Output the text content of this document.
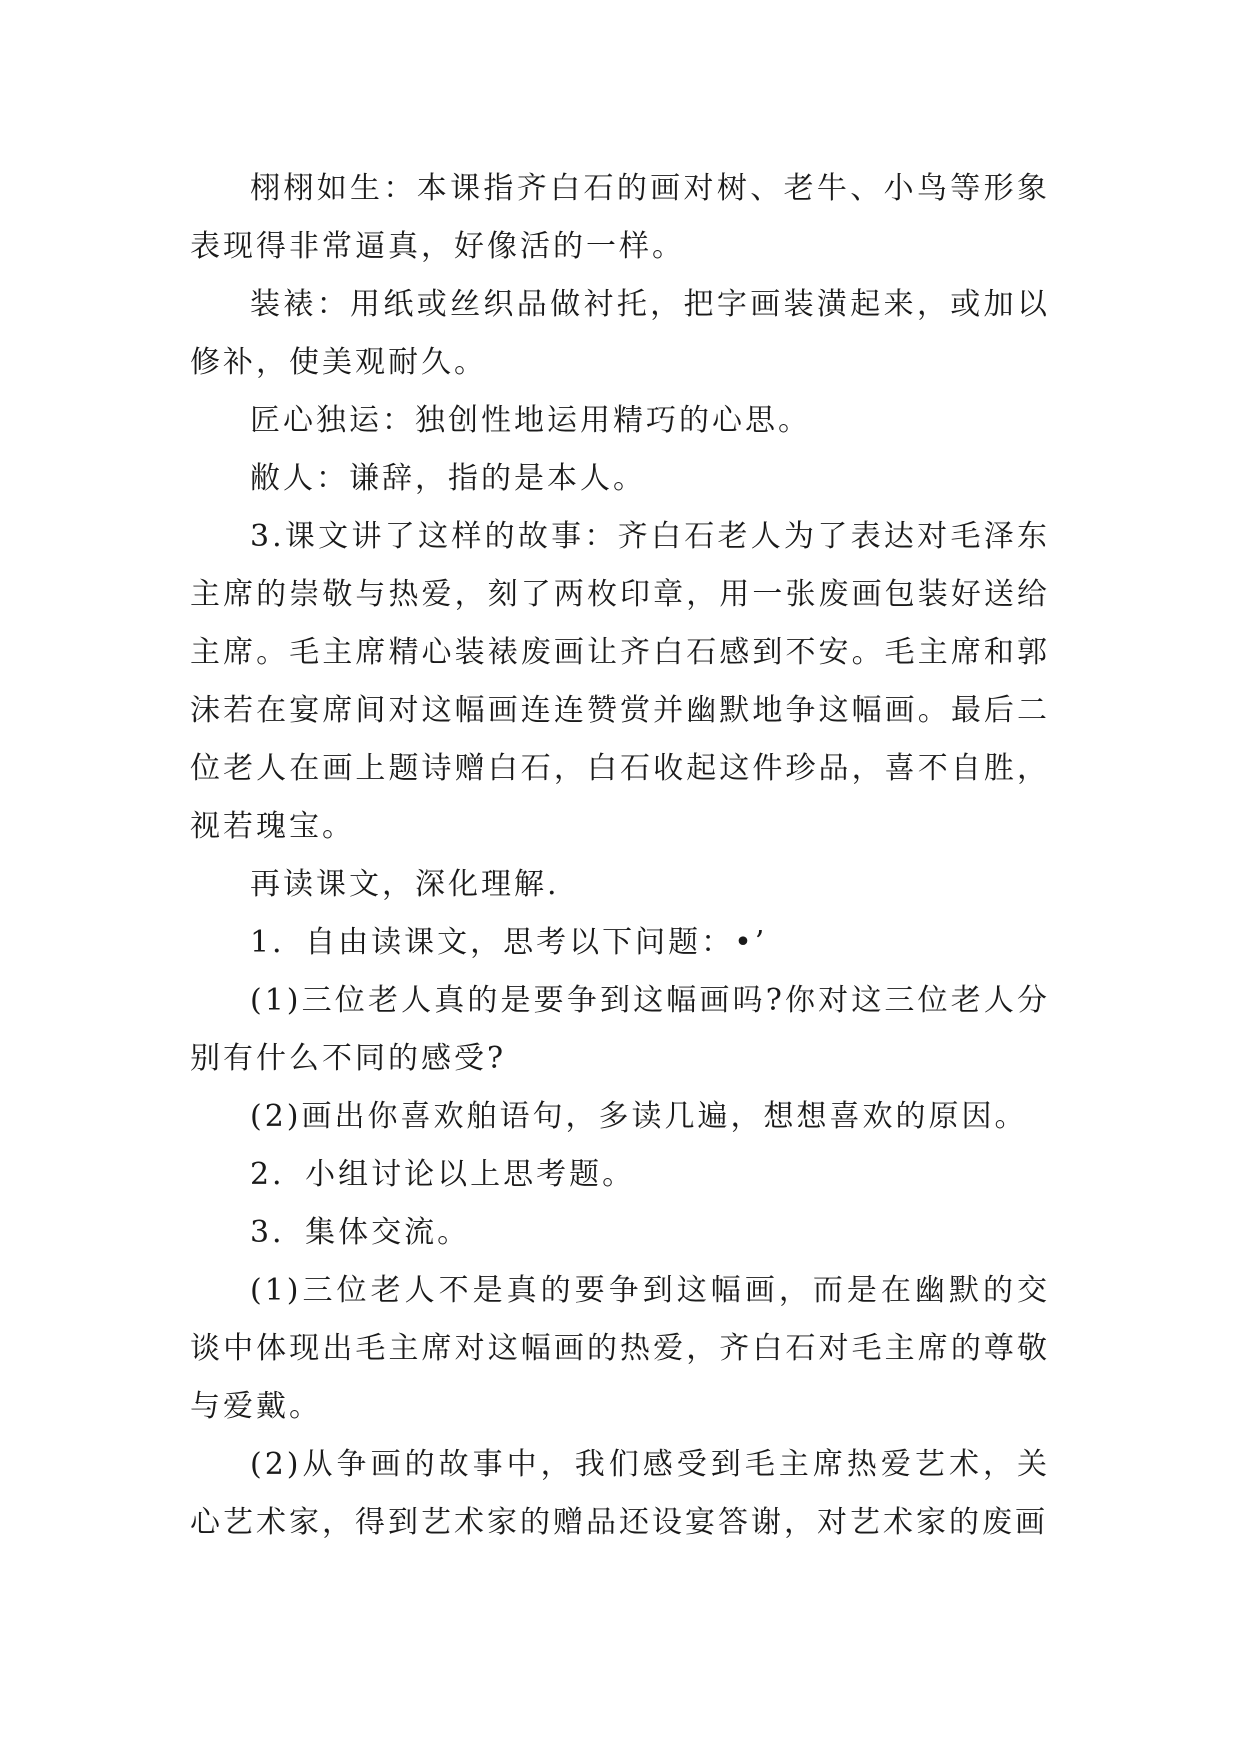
栩栩如生：本课指齐白石的画对树、老牛、小鸟等形象表现得非常逼真，好像活的一样。

装裱：用纸或丝织品做衬托，把字画装潢起来，或加以修补，使美观耐久。

匠心独运：独创性地运用精巧的心思。

敝人：谦辞，指的是本人。

3.课文讲了这样的故事：齐白石老人为了表达对毛泽东主席的崇敬与热爱，刻了两枚印章，用一张废画包装好送给主席。毛主席精心装裱废画让齐白石感到不安。毛主席和郭沫若在宴席间对这幅画连连赞赏并幽默地争这幅画。最后二位老人在画上题诗赠白石，白石收起这件珍品，喜不自胜，视若瑰宝。

再读课文，深化理解.

1．自由读课文，思考以下问题：•’

(1)三位老人真的是要争到这幅画吗?你对这三位老人分别有什么不同的感受?

(2)画出你喜欢舶语句，多读几遍，想想喜欢的原因。

2．小组讨论以上思考题。

3．集体交流。

(1)三位老人不是真的要争到这幅画，而是在幽默的交谈中体现出毛主席对这幅画的热爱，齐白石对毛主席的尊敬与爱戴。

(2)从争画的故事中，我们感受到毛主席热爱艺术，关心艺术家，得到艺术家的赠品还设宴答谢，对艺术家的废画
